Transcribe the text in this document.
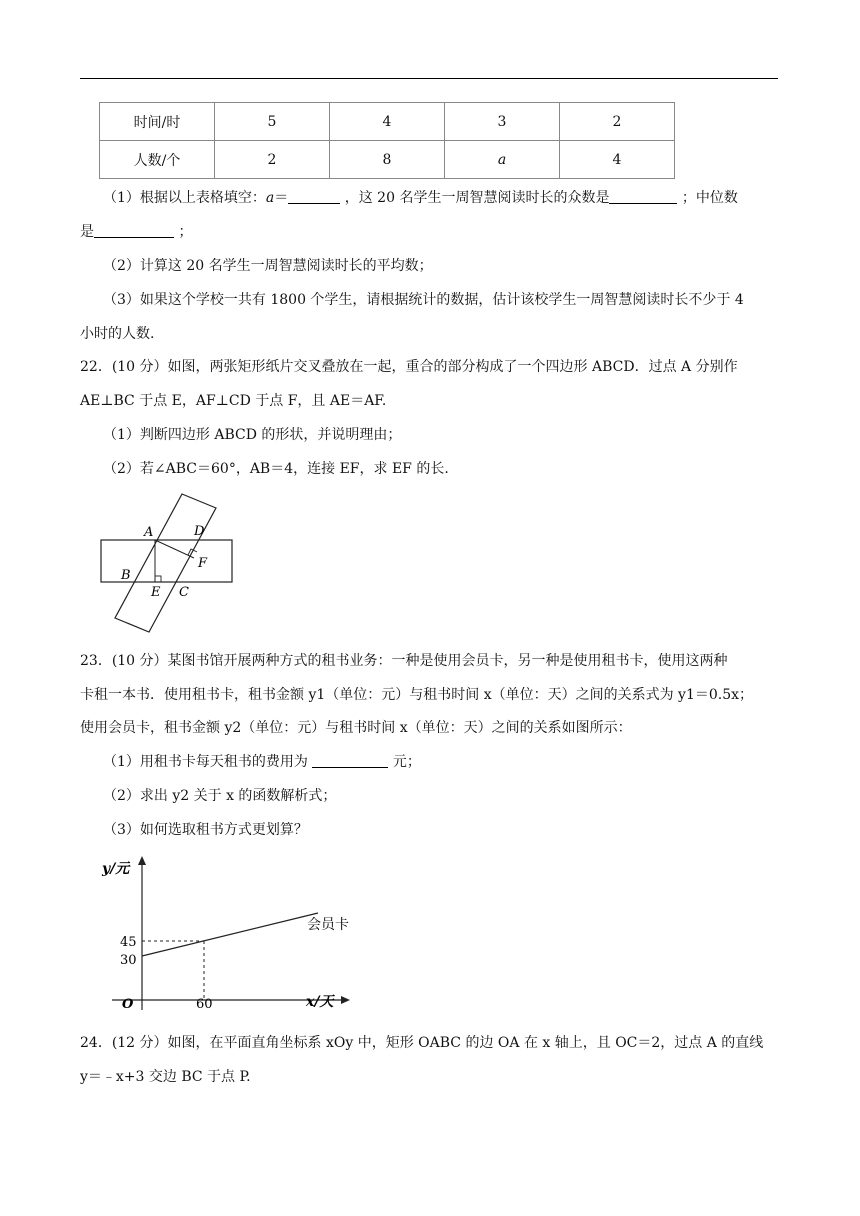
时间/时	5	4	3	2
人数/个	2	8	a	4
（1）根据以上表格填空：a＝	，这 20 名学生一周智慧阅读时长的众数是	；中位数
是	；
（2）计算这 20 名学生一周智慧阅读时长的平均数；
（3）如果这个学校一共有 1800 个学生，请根据统计的数据，估计该校学生一周智慧阅读时长不少于 4
小时的人数.
22．(10 分）如图，两张矩形纸片交叉叠放在一起，重合的部分构成了一个四边形 ABCD．过点 A 分别作
AE⊥BC 于点 E，AF⊥CD 于点 F，且 AE＝AF.
（1）判断四边形 ABCD 的形状，并说明理由；
（2）若∠ABC＝60°，AB＝4，连接 EF，求 EF 的长.
A	D
F
B
E C
23．(10 分）某图书馆开展两种方式的租书业务：一种是使用会员卡，另一种是使用租书卡，使用这两种
卡租一本书．使用租书卡，租书金额 y1（单位：元）与租书时间 x（单位：天）之间的关系式为 y1＝0.5x；
使用会员卡，租书金额 y2（单位：元）与租书时间 x（单位：天）之间的关系如图所示：
（1）用租书卡每天租书的费用为	元；
（2）求出 y2 关于 x 的函数解析式；
（3）如何选取租书方式更划算？
y/元
x/天
O
45
30
60
会员卡
24．(12 分）如图，在平面直角坐标系 xOy 中，矩形 OABC 的边 OA 在 x 轴上，且 OC＝2，过点 A 的直线
y＝﹣x+3 交边 BC 于点 P.
